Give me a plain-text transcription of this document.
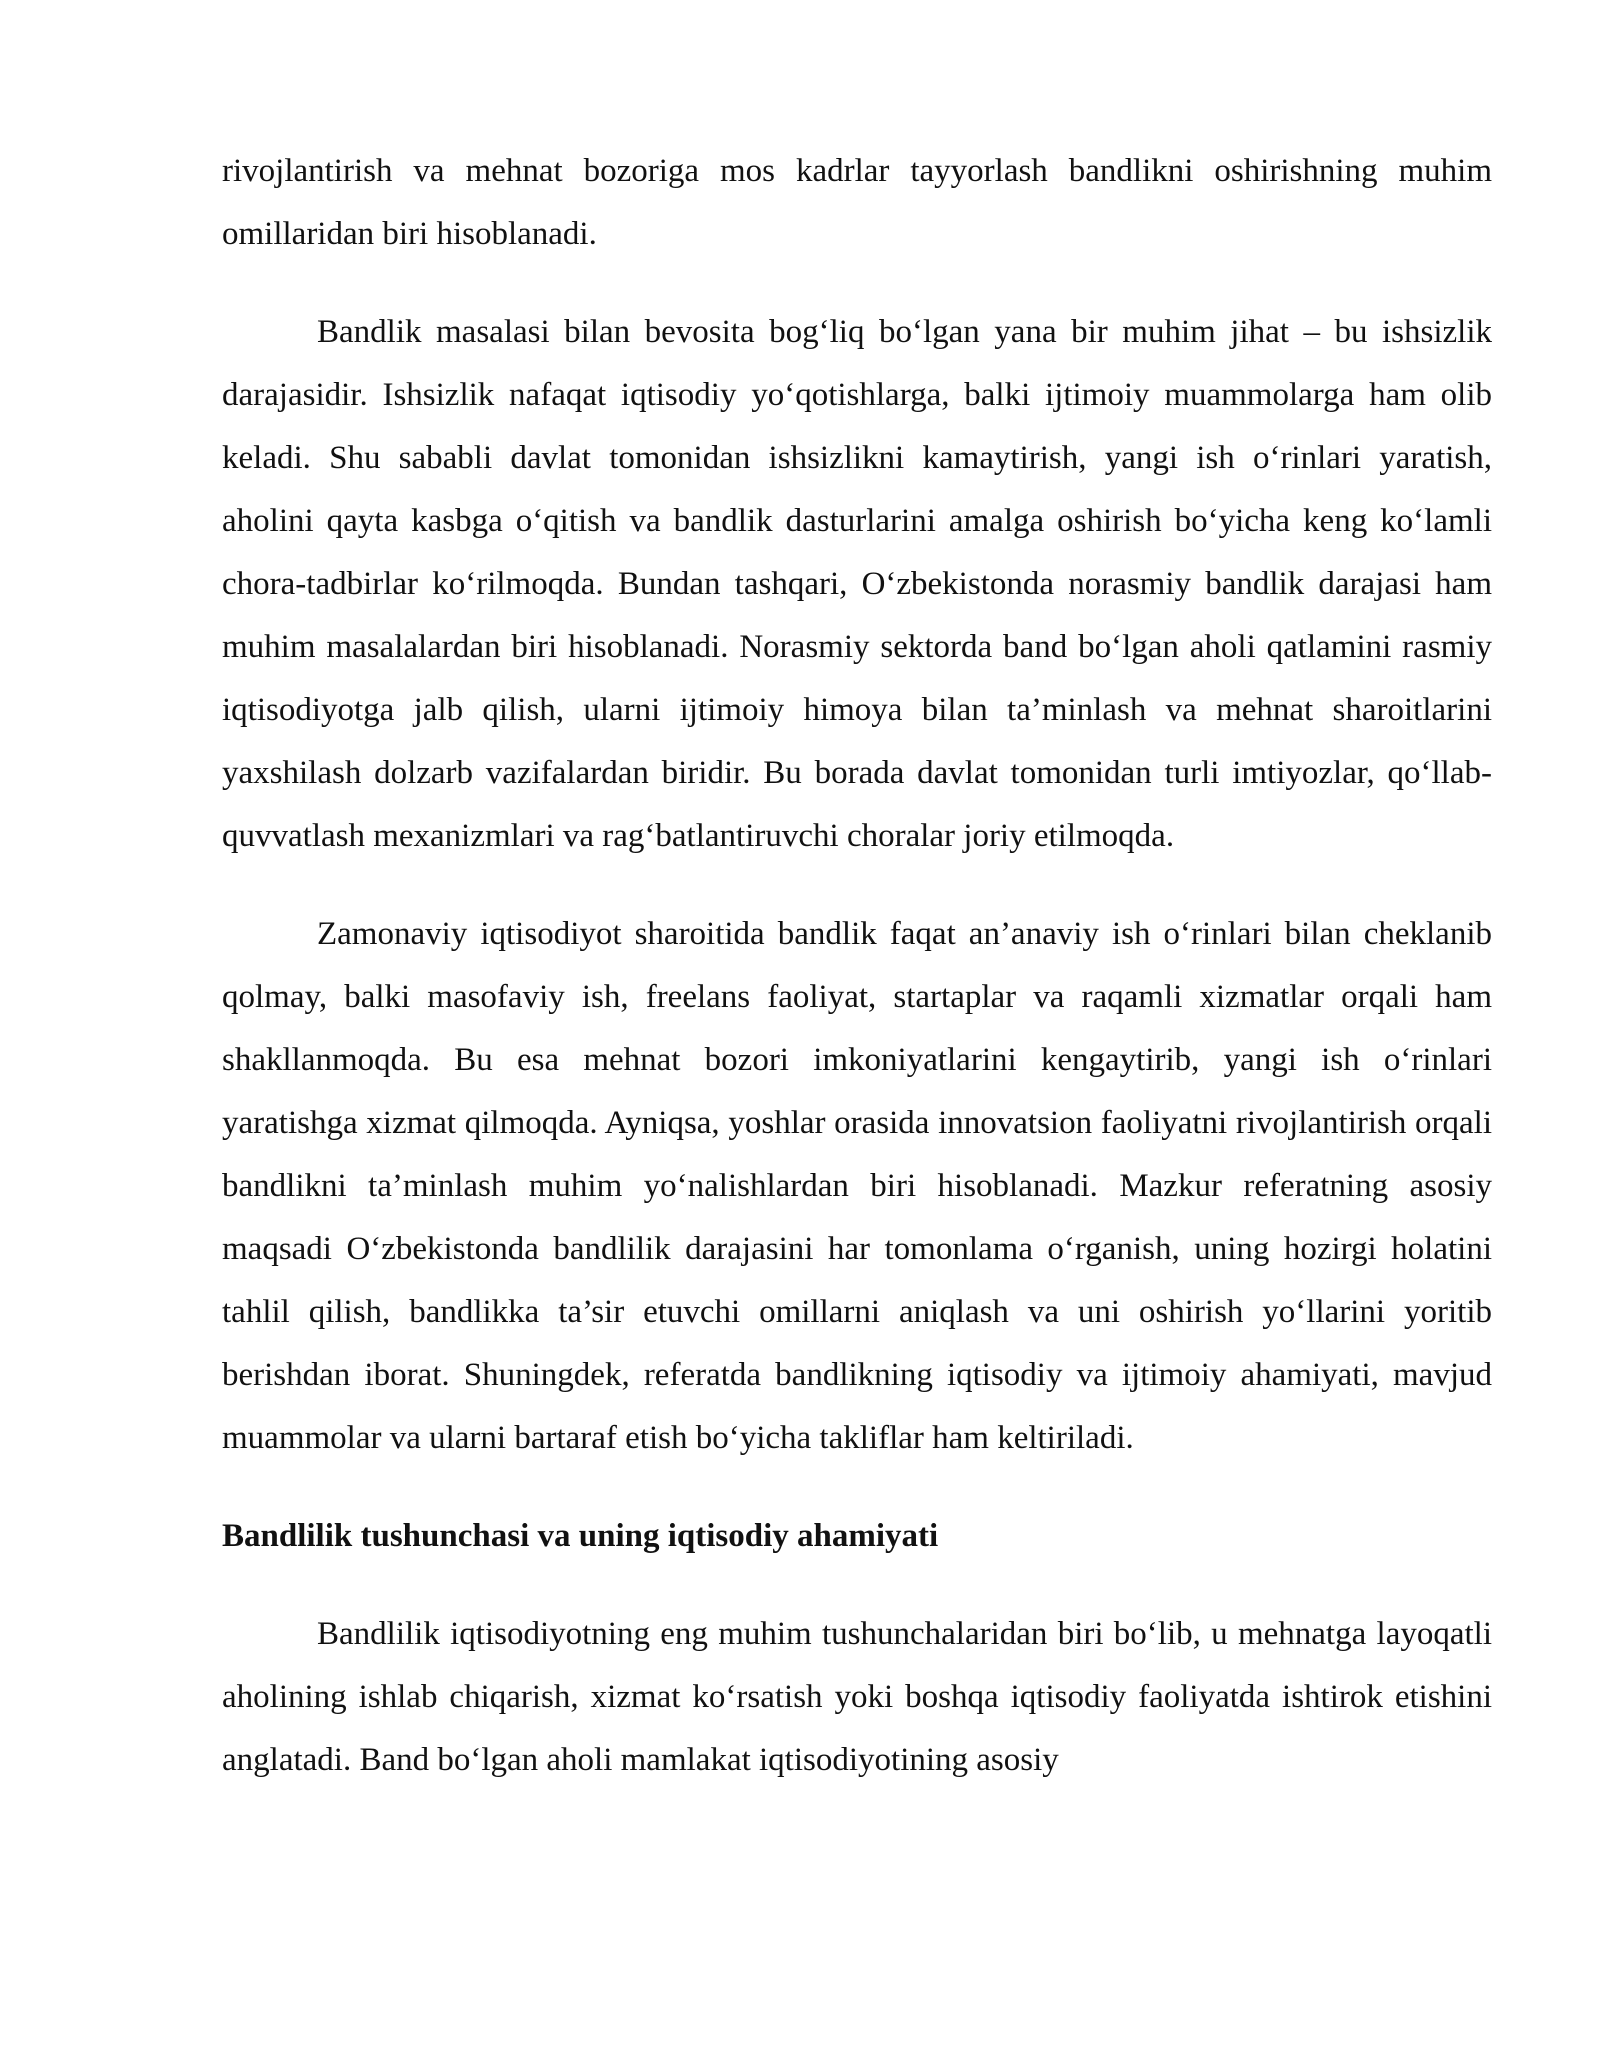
rivojlantirish va mehnat bozoriga mos kadrlar tayyorlash bandlikni oshirishning muhim omillaridan biri hisoblanadi.

Bandlik masalasi bilan bevosita bog‘liq bo‘lgan yana bir muhim jihat – bu ishsizlik darajasidir. Ishsizlik nafaqat iqtisodiy yo‘qotishlarga, balki ijtimoiy muammolarga ham olib keladi. Shu sababli davlat tomonidan ishsizlikni kamaytirish, yangi ish o‘rinlari yaratish, aholini qayta kasbga o‘qitish va bandlik dasturlarini amalga oshirish bo‘yicha keng ko‘lamli chora-tadbirlar ko‘rilmoqda. Bundan tashqari, O‘zbekistonda norasmiy bandlik darajasi ham muhim masalalardan biri hisoblanadi. Norasmiy sektorda band bo‘lgan aholi qatlamini rasmiy iqtisodiyotga jalb qilish, ularni ijtimoiy himoya bilan ta’minlash va mehnat sharoitlarini yaxshilash dolzarb vazifalardan biridir. Bu borada davlat tomonidan turli imtiyozlar, qo‘llab-quvvatlash mexanizmlari va rag‘batlantiruvchi choralar joriy etilmoqda.

Zamonaviy iqtisodiyot sharoitida bandlik faqat an’anaviy ish o‘rinlari bilan cheklanib qolmay, balki masofaviy ish, freelans faoliyat, startaplar va raqamli xizmatlar orqali ham shakllanmoqda. Bu esa mehnat bozori imkoniyatlarini kengaytirib, yangi ish o‘rinlari yaratishga xizmat qilmoqda. Ayniqsa, yoshlar orasida innovatsion faoliyatni rivojlantirish orqali bandlikni ta’minlash muhim yo‘nalishlardan biri hisoblanadi. Mazkur referatning asosiy maqsadi O‘zbekistonda bandlilik darajasini har tomonlama o‘rganish, uning hozirgi holatini tahlil qilish, bandlikka ta’sir etuvchi omillarni aniqlash va uni oshirish yo‘llarini yoritib berishdan iborat. Shuningdek, referatda bandlikning iqtisodiy va ijtimoiy ahamiyati, mavjud muammolar va ularni bartaraf etish bo‘yicha takliflar ham keltiriladi.

Bandlilik tushunchasi va uning iqtisodiy ahamiyati

Bandlilik iqtisodiyotning eng muhim tushunchalaridan biri bo‘lib, u mehnatga layoqatli aholining ishlab chiqarish, xizmat ko‘rsatish yoki boshqa iqtisodiy faoliyatda ishtirok etishini anglatadi. Band bo‘lgan aholi mamlakat iqtisodiyotining asosiy
